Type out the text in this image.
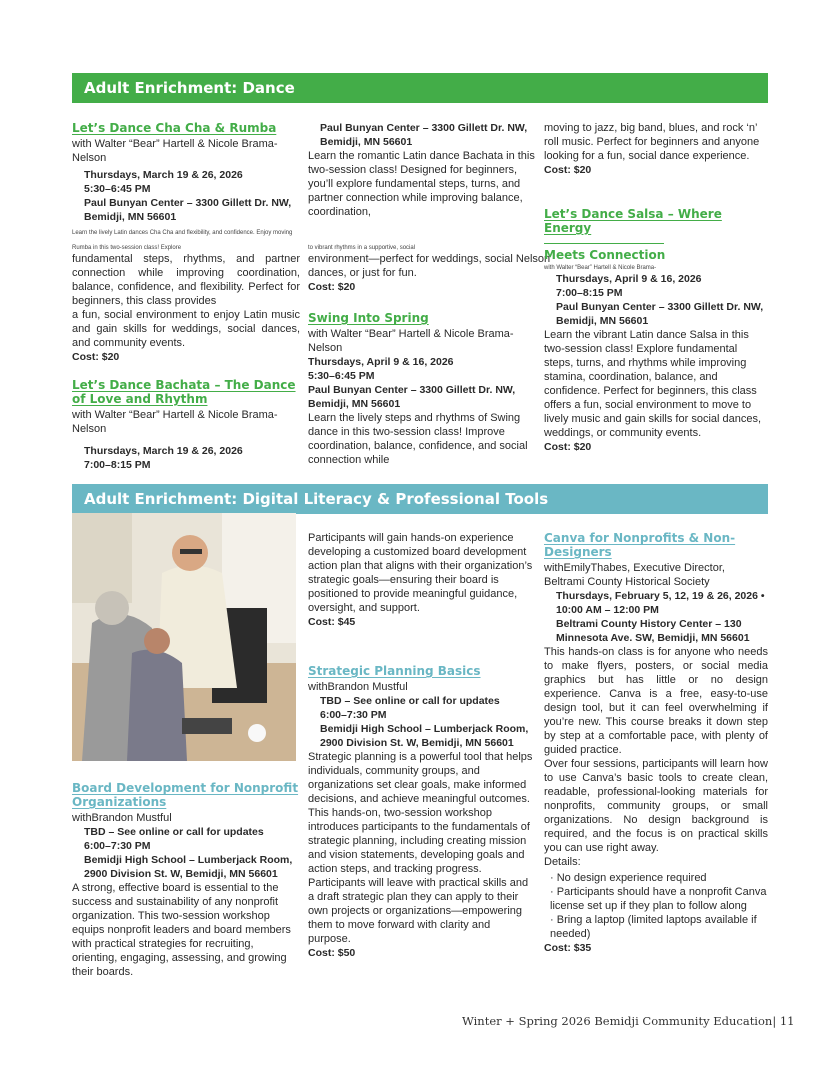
Adult Enrichment: Dance

Let’s Dance Cha Cha & Rumba

with Walter “Bear” Hartell & Nicole Brama-Nelson

Thursdays, March 19 & 26, 2026

5:30–6:45 PM

Paul Bunyan Center – 3300 Gillett Dr. NW, Bemidji, MN 56601

Learn the lively Latin dances Cha Cha and flexibility, and confidence. Enjoy moving
Rumba in this two-session class! Explore	to vibrant rhythms in a supportive, social

fundamental steps, rhythms, and partner connection while improving coordination, balance, confidence, and flexibility. Perfect for beginners, this class provides

a fun, social environment to enjoy Latin music and gain skills for weddings, social dances, and community events.

Cost: $20

Let’s Dance Bachata – The Dance of Love and Rhythm

with Walter “Bear” Hartell & Nicole Brama-Nelson

Thursdays, March 19 & 26, 2026

7:00–8:15 PM

Paul Bunyan Center – 3300 Gillett Dr. NW, Bemidji, MN 56601

Learn the romantic Latin dance Bachata in this two-session class! Designed for beginners, you’ll explore fundamental steps, turns, and partner connection while improving balance, coordination,

environment—perfect for weddings, social Nelson dances, or just for fun.

Cost: $20

Swing Into Spring

with Walter “Bear” Hartell & Nicole Brama-Nelson

Thursdays, April 9 & 16, 2026

5:30–6:45 PM

Paul Bunyan Center – 3300 Gillett Dr. NW, Bemidji, MN 56601

Learn the lively steps and rhythms of Swing dance in this two-session class! Improve coordination, balance, confidence, and social connection while

moving to jazz, big band, blues, and rock ‘n’ roll music. Perfect for beginners and anyone looking for a fun, social dance experience.

Cost: $20

Let’s Dance Salsa – Where Energy

Meets Connection

with Walter “Bear” Hartell & Nicole Brama-

Thursdays, April 9 & 16, 2026

7:00–8:15 PM

Paul Bunyan Center – 3300 Gillett Dr. NW, Bemidji, MN 56601

Learn the vibrant Latin dance Salsa in this two-session class! Explore fundamental steps, turns, and rhythms while improving stamina, coordination, balance, and confidence. Perfect for beginners, this class offers a fun, social environment to move to lively music and gain skills for social dances, weddings, or community events.

Cost: $20

Adult Enrichment: Digital Literacy & Professional Tools

Board Development for Nonprofit Organizations

withBrandon Mustful

TBD – See online or call for updates

6:00–7:30 PM

Bemidji High School – Lumberjack Room, 2900 Division St. W, Bemidji, MN 56601

A strong, effective board is essential to the success and sustainability of any nonprofit organization. This two-session workshop equips nonprofit leaders and board members with practical strategies for recruiting, orienting, engaging, assessing, and growing their boards.

Participants will gain hands-on experience developing a customized board development action plan that aligns with their organization’s strategic goals—ensuring their board is positioned to provide meaningful guidance, oversight, and support.

Cost: $45

Strategic Planning Basics

withBrandon Mustful

TBD – See online or call for updates

6:00–7:30 PM

Bemidji High School – Lumberjack Room, 2900 Division St. W, Bemidji, MN 56601

Strategic planning is a powerful tool that helps individuals, community groups, and organizations set clear goals, make informed decisions, and achieve meaningful outcomes. This hands-on, two-session workshop introduces participants to the fundamentals of strategic planning, including creating mission and vision statements, developing goals and action steps, and tracking progress.

Participants will leave with practical skills and a draft strategic plan they can apply to their own projects or organizations—empowering them to move forward with clarity and purpose.

Cost: $50

Canva for Nonprofits & Non-Designers

withEmilyThabes, Executive Director, Beltrami County Historical Society

Thursdays, February 5, 12, 19 & 26, 2026 • 10:00 AM – 12:00 PM

Beltrami County History Center – 130 Minnesota Ave. SW, Bemidji, MN 56601

This hands-on class is for anyone who needs to make flyers, posters, or social media graphics but has little or no design experience. Canva is a free, easy-to-use design tool, but it can feel overwhelming if you’re new. This course breaks it down step by step at a comfortable pace, with plenty of guided practice.

Over four sessions, participants will learn how to use Canva’s basic tools to create clean, readable, professional-looking materials for nonprofits, community groups, or small organizations. No design background is required, and the focus is on practical skills you can use right away.

Details:

· No design experience required
· Participants should have a nonprofit Canva license set up if they plan to follow along
· Bring a laptop (limited laptops available if needed)

Cost: $35

Winter + Spring 2026 Bemidji Community Education| 11
